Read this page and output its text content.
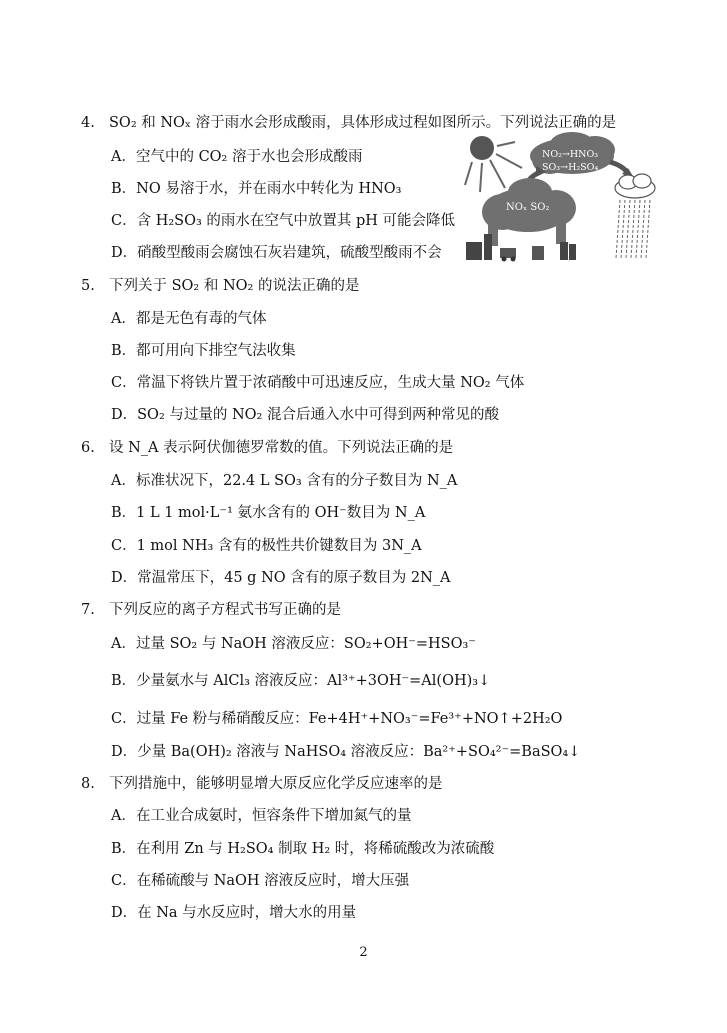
4. SO₂ 和 NOₓ 溶于雨水会形成酸雨，具体形成过程如图所示。下列说法正确的是
A．空气中的 CO₂ 溶于水也会形成酸雨
B．NO 易溶于水，并在雨水中转化为 HNO₃
C．含 H₂SO₃ 的雨水在空气中放置其 pH 可能会降低
D．硝酸型酸雨会腐蚀石灰岩建筑，硫酸型酸雨不会
NO₂→HNO₃
SO₃→H₂SO₄
NOₓ SO₂
5. 下列关于 SO₂ 和 NO₂ 的说法正确的是
A．都是无色有毒的气体
B．都可用向下排空气法收集
C．常温下将铁片置于浓硝酸中可迅速反应，生成大量 NO₂ 气体
D．SO₂ 与过量的 NO₂ 混合后通入水中可得到两种常见的酸
6. 设 N_A 表示阿伏伽德罗常数的值。下列说法正确的是
A．标准状况下，22.4 L SO₃ 含有的分子数目为 N_A
B．1 L 1 mol·L⁻¹ 氨水含有的 OH⁻数目为 N_A
C．1 mol NH₃ 含有的极性共价键数目为 3N_A
D．常温常压下，45 g NO 含有的原子数目为 2N_A
7. 下列反应的离子方程式书写正确的是
A．过量 SO₂ 与 NaOH 溶液反应：SO₂+OH⁻=HSO₃⁻
B．少量氨水与 AlCl₃ 溶液反应：Al³⁺+3OH⁻=Al(OH)₃↓
C．过量 Fe 粉与稀硝酸反应：Fe+4H⁺+NO₃⁻=Fe³⁺+NO↑+2H₂O
D．少量 Ba(OH)₂ 溶液与 NaHSO₄ 溶液反应：Ba²⁺+SO₄²⁻=BaSO₄↓
8. 下列措施中，能够明显增大原反应化学反应速率的是
A．在工业合成氨时，恒容条件下增加氮气的量
B．在利用 Zn 与 H₂SO₄ 制取 H₂ 时，将稀硫酸改为浓硫酸
C．在稀硫酸与 NaOH 溶液反应时，增大压强
D．在 Na 与水反应时，增大水的用量
2
